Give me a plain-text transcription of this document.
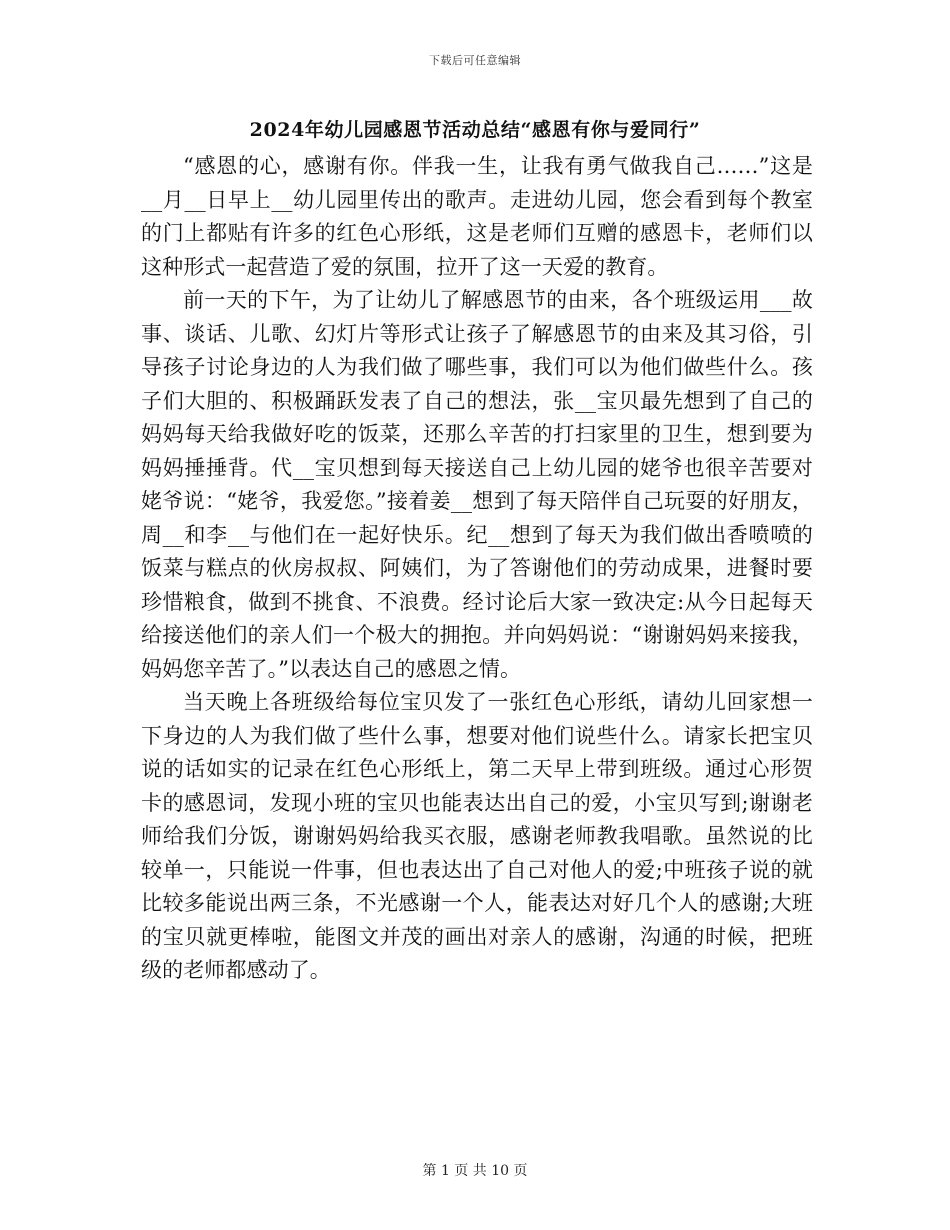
下载后可任意编辑
2024年幼儿园感恩节活动总结“感恩有你与爱同行”

“感恩的心，感谢有你。伴我一生，让我有勇气做我自己……”这是__月__日早上__幼儿园里传出的歌声。走进幼儿园，您会看到每个教室的门上都贴有许多的红色心形纸，这是老师们互赠的感恩卡，老师们以这种形式一起营造了爱的氛围，拉开了这一天爱的教育。

前一天的下午，为了让幼儿了解感恩节的由来，各个班级运用___故事、谈话、儿歌、幻灯片等形式让孩子了解感恩节的由来及其习俗，引导孩子讨论身边的人为我们做了哪些事，我们可以为他们做些什么。孩子们大胆的、积极踊跃发表了自己的想法，张__宝贝最先想到了自己的妈妈每天给我做好吃的饭菜，还那么辛苦的打扫家里的卫生，想到要为妈妈捶捶背。代__宝贝想到每天接送自己上幼儿园的姥爷也很辛苦要对姥爷说：“姥爷，我爱您。”接着姜__想到了每天陪伴自己玩耍的好朋友，周__和李__与他们在一起好快乐。纪__想到了每天为我们做出香喷喷的饭菜与糕点的伙房叔叔、阿姨们，为了答谢他们的劳动成果，进餐时要珍惜粮食，做到不挑食、不浪费。经讨论后大家一致决定:从今日起每天给接送他们的亲人们一个极大的拥抱。并向妈妈说：“谢谢妈妈来接我，妈妈您辛苦了。”以表达自己的感恩之情。

当天晚上各班级给每位宝贝发了一张红色心形纸，请幼儿回家想一下身边的人为我们做了些什么事，想要对他们说些什么。请家长把宝贝说的话如实的记录在红色心形纸上，第二天早上带到班级。通过心形贺卡的感恩词，发现小班的宝贝也能表达出自己的爱，小宝贝写到;谢谢老师给我们分饭，谢谢妈妈给我买衣服，感谢老师教我唱歌。虽然说的比较单一，只能说一件事，但也表达出了自己对他人的爱;中班孩子说的就比较多能说出两三条，不光感谢一个人，能表达对好几个人的感谢;大班的宝贝就更棒啦，能图文并茂的画出对亲人的感谢，沟通的时候，把班级的老师都感动了。

第 1 页 共 10 页
